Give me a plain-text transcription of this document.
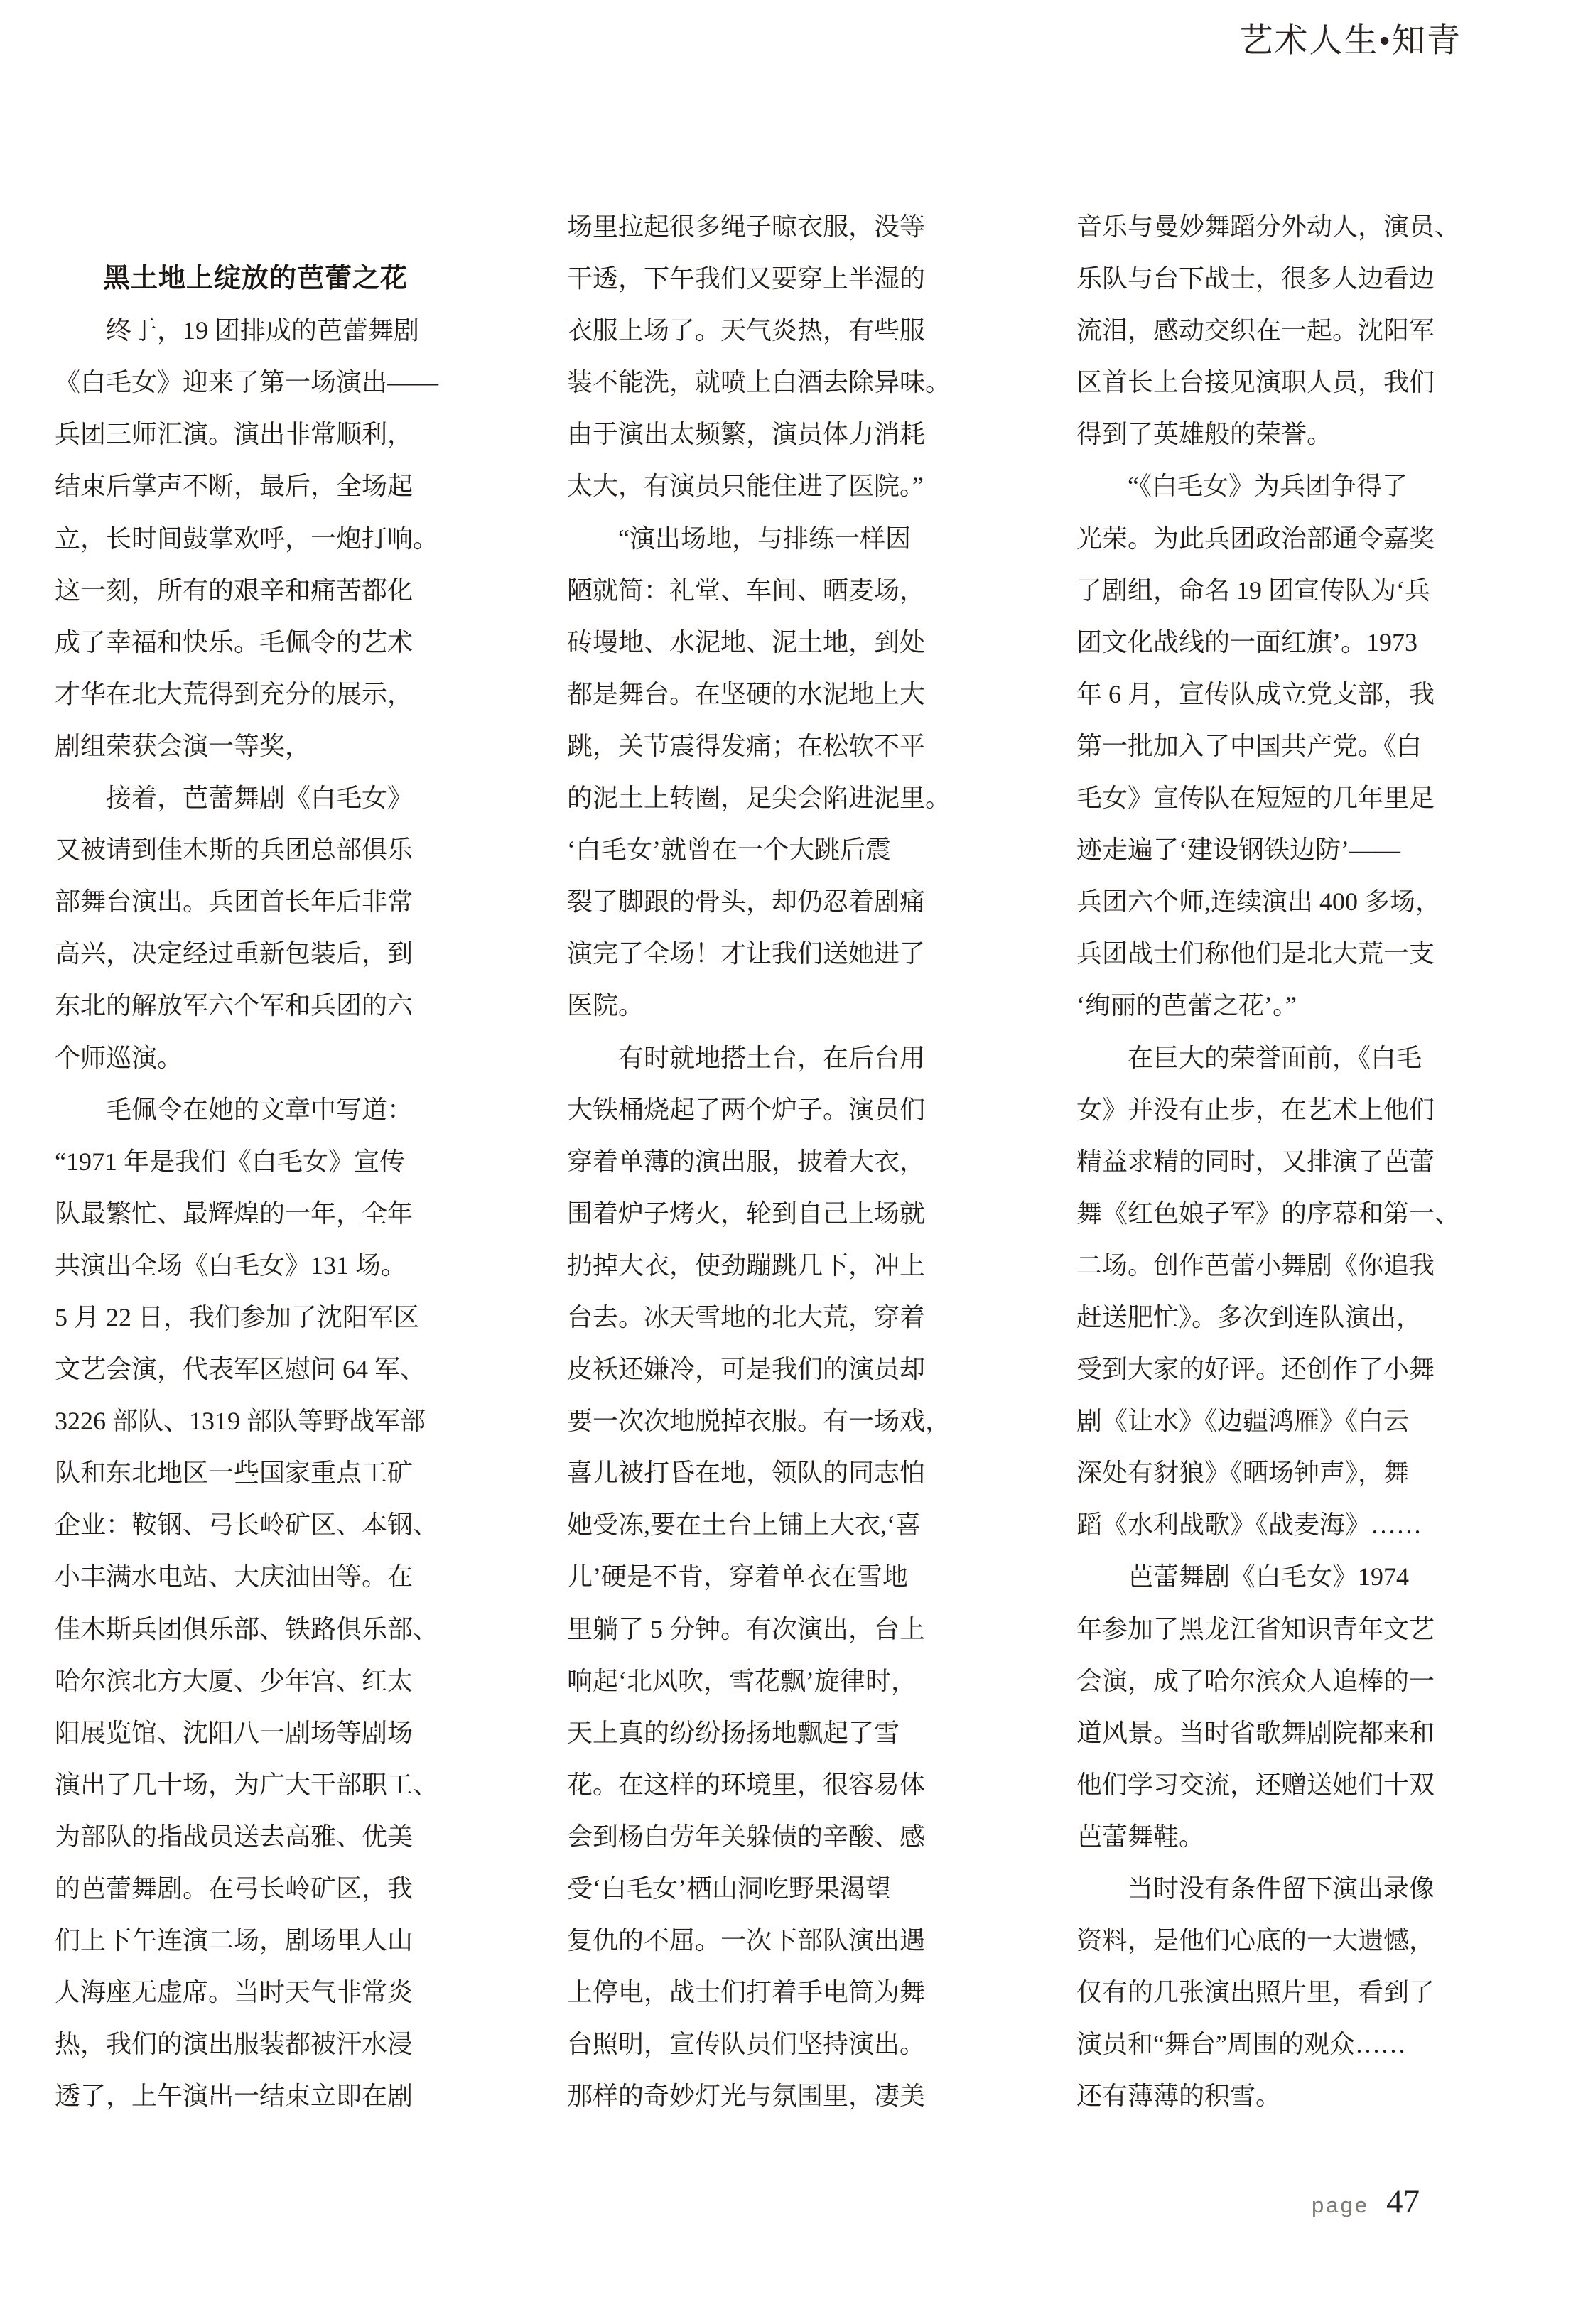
艺术人生•知青
黑土地上绽放的芭蕾之花
　　终于，19 团排成的芭蕾舞剧
《白毛女》迎来了第一场演出——
兵团三师汇演。演出非常顺利，
结束后掌声不断，最后，全场起
立，长时间鼓掌欢呼，一炮打响。
这一刻，所有的艰辛和痛苦都化
成了幸福和快乐。毛佩令的艺术
才华在北大荒得到充分的展示，
剧组荣获会演一等奖，
　　接着，芭蕾舞剧《白毛女》
又被请到佳木斯的兵团总部俱乐
部舞台演出。兵团首长年后非常
高兴，决定经过重新包装后，到
东北的解放军六个军和兵团的六
个师巡演。
　　毛佩令在她的文章中写道：
“1971 年是我们《白毛女》宣传
队最繁忙、最辉煌的一年，全年
共演出全场《白毛女》131 场。
5 月 22 日，我们参加了沈阳军区
文艺会演，代表军区慰问 64 军、
3226 部队、1319 部队等野战军部
队和东北地区一些国家重点工矿
企业：鞍钢、弓长岭矿区、本钢、
小丰满水电站、大庆油田等。在
佳木斯兵团俱乐部、铁路俱乐部、
哈尔滨北方大厦、少年宫、红太
阳展览馆、沈阳八一剧场等剧场
演出了几十场，为广大干部职工、
为部队的指战员送去高雅、优美
的芭蕾舞剧。在弓长岭矿区，我
们上下午连演二场，剧场里人山
人海座无虚席。当时天气非常炎
热，我们的演出服装都被汗水浸
透了，上午演出一结束立即在剧
场里拉起很多绳子晾衣服，没等
干透，下午我们又要穿上半湿的
衣服上场了。天气炎热，有些服
装不能洗，就喷上白酒去除异味。
由于演出太频繁，演员体力消耗
太大，有演员只能住进了医院。”
　　“演出场地，与排练一样因
陋就简：礼堂、车间、晒麦场，
砖墁地、水泥地、泥土地，到处
都是舞台。在坚硬的水泥地上大
跳，关节震得发痛；在松软不平
的泥土上转圈，足尖会陷进泥里。
‘白毛女’就曾在一个大跳后震
裂了脚跟的骨头，却仍忍着剧痛
演完了全场！才让我们送她进了
医院。
　　有时就地搭土台，在后台用
大铁桶烧起了两个炉子。演员们
穿着单薄的演出服，披着大衣，
围着炉子烤火，轮到自己上场就
扔掉大衣，使劲蹦跳几下，冲上
台去。冰天雪地的北大荒，穿着
皮袄还嫌冷，可是我们的演员却
要一次次地脱掉衣服。有一场戏，
喜儿被打昏在地，领队的同志怕
她受冻,要在土台上铺上大衣,‘喜
儿’硬是不肯，穿着单衣在雪地
里躺了 5 分钟。有次演出，台上
响起‘北风吹，雪花飘’旋律时，
天上真的纷纷扬扬地飘起了雪
花。在这样的环境里，很容易体
会到杨白劳年关躲债的辛酸、感
受‘白毛女’栖山洞吃野果渴望
复仇的不屈。一次下部队演出遇
上停电，战士们打着手电筒为舞
台照明，宣传队员们坚持演出。
那样的奇妙灯光与氛围里，凄美
音乐与曼妙舞蹈分外动人，演员、
乐队与台下战士，很多人边看边
流泪，感动交织在一起。沈阳军
区首长上台接见演职人员，我们
得到了英雄般的荣誉。
　　“《白毛女》为兵团争得了
光荣。为此兵团政治部通令嘉奖
了剧组，命名 19 团宣传队为‘兵
团文化战线的一面红旗’。1973
年 6 月，宣传队成立党支部，我
第一批加入了中国共产党。《白
毛女》宣传队在短短的几年里足
迹走遍了‘建设钢铁边防’——
兵团六个师,连续演出 400 多场，
兵团战士们称他们是北大荒一支
‘绚丽的芭蕾之花’。”
　　在巨大的荣誉面前，《白毛
女》并没有止步，在艺术上他们
精益求精的同时，又排演了芭蕾
舞《红色娘子军》的序幕和第一、
二场。创作芭蕾小舞剧《你追我
赶送肥忙》。多次到连队演出，
受到大家的好评。还创作了小舞
剧《让水》《边疆鸿雁》《白云
深处有豺狼》《晒场钟声》，舞
蹈《水利战歌》《战麦海》……
　　芭蕾舞剧《白毛女》1974
年参加了黑龙江省知识青年文艺
会演，成了哈尔滨众人追棒的一
道风景。当时省歌舞剧院都来和
他们学习交流，还赠送她们十双
芭蕾舞鞋。
　　当时没有条件留下演出录像
资料，是他们心底的一大遗憾，
仅有的几张演出照片里，看到了
演员和“舞台”周围的观众……
还有薄薄的积雪。
page 47
